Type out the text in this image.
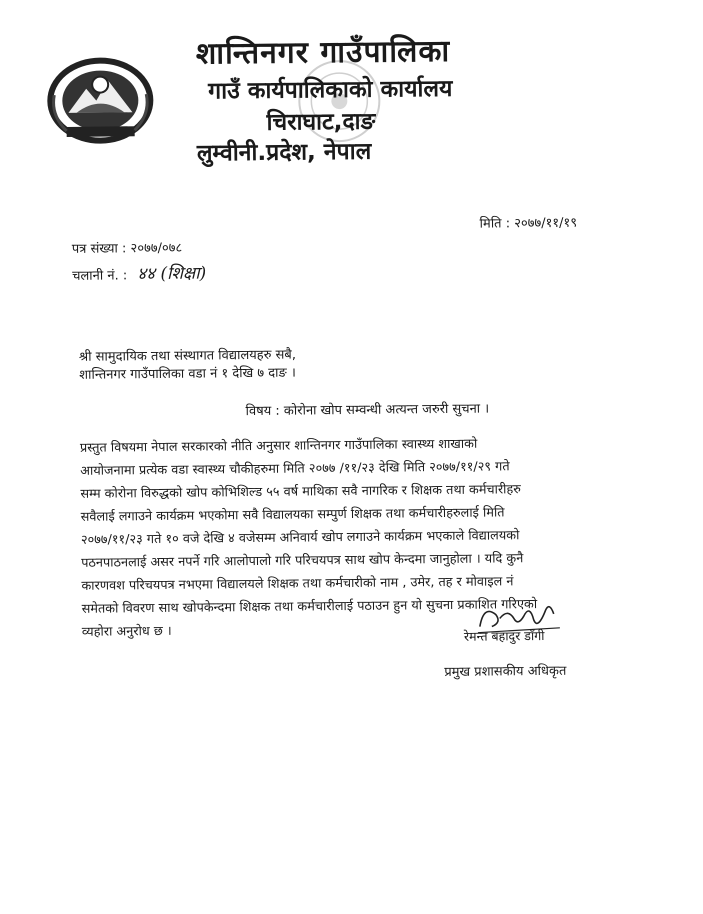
शान्तिनगर गाउँपालिका
गाउँ कार्यपालिकाको कार्यालय
चिराघाट,दाङ
लुम्वीनी.प्रदेश, नेपाल
मिति : २०७७/११/१९
पत्र संख्या : २०७७/०७८
चलानी नं. : ४४ (शिक्षा)
श्री सामुदायिक तथा संस्थागत विद्यालयहरु सबै,
शान्तिनगर गाउँपालिका वडा नं १ देखि ७ दाङ ।
विषय : कोरोना खोप सम्वन्धी अत्यन्त जरुरी सुचना ।
प्रस्तुत विषयमा नेपाल सरकारको नीति अनुसार शान्तिनगर गाउँपालिका स्वास्थ्य शाखाको
आयोजनामा प्रत्येक वडा स्वास्थ्य चौकीहरुमा मिति २०७७ /११/२३ देखि मिति २०७७/११/२९ गते
सम्म कोरोना विरुद्धको खोप कोभिशिल्ड ५५ वर्ष माथिका सवै नागरिक र शिक्षक तथा कर्मचारीहरु
सवैलाई लगाउने कार्यक्रम भएकोमा सवै विद्यालयका सम्पुर्ण शिक्षक तथा कर्मचारीहरुलाई मिति
२०७७/११/२३ गते १० वजे देखि ४ वजेसम्म अनिवार्य खोप लगाउने कार्यक्रम भएकाले विद्यालयको
पठनपाठनलाई असर नपर्ने गरि आलोपालो गरि परिचयपत्र साथ खोप केन्दमा जानुहोला । यदि कुनै
कारणवश परिचयपत्र नभएमा विद्यालयले शिक्षक तथा कर्मचारीको नाम , उमेर, तह र मोवाइल नं
समेतको विवरण साथ खोपकेन्दमा शिक्षक तथा कर्मचारीलाई पठाउन हुन यो सुचना प्रकाशित गरिएको
व्यहोरा अनुरोध छ ।	रेमन्त बहादुर डाँगी
प्रमुख प्रशासकीय अधिकृत
